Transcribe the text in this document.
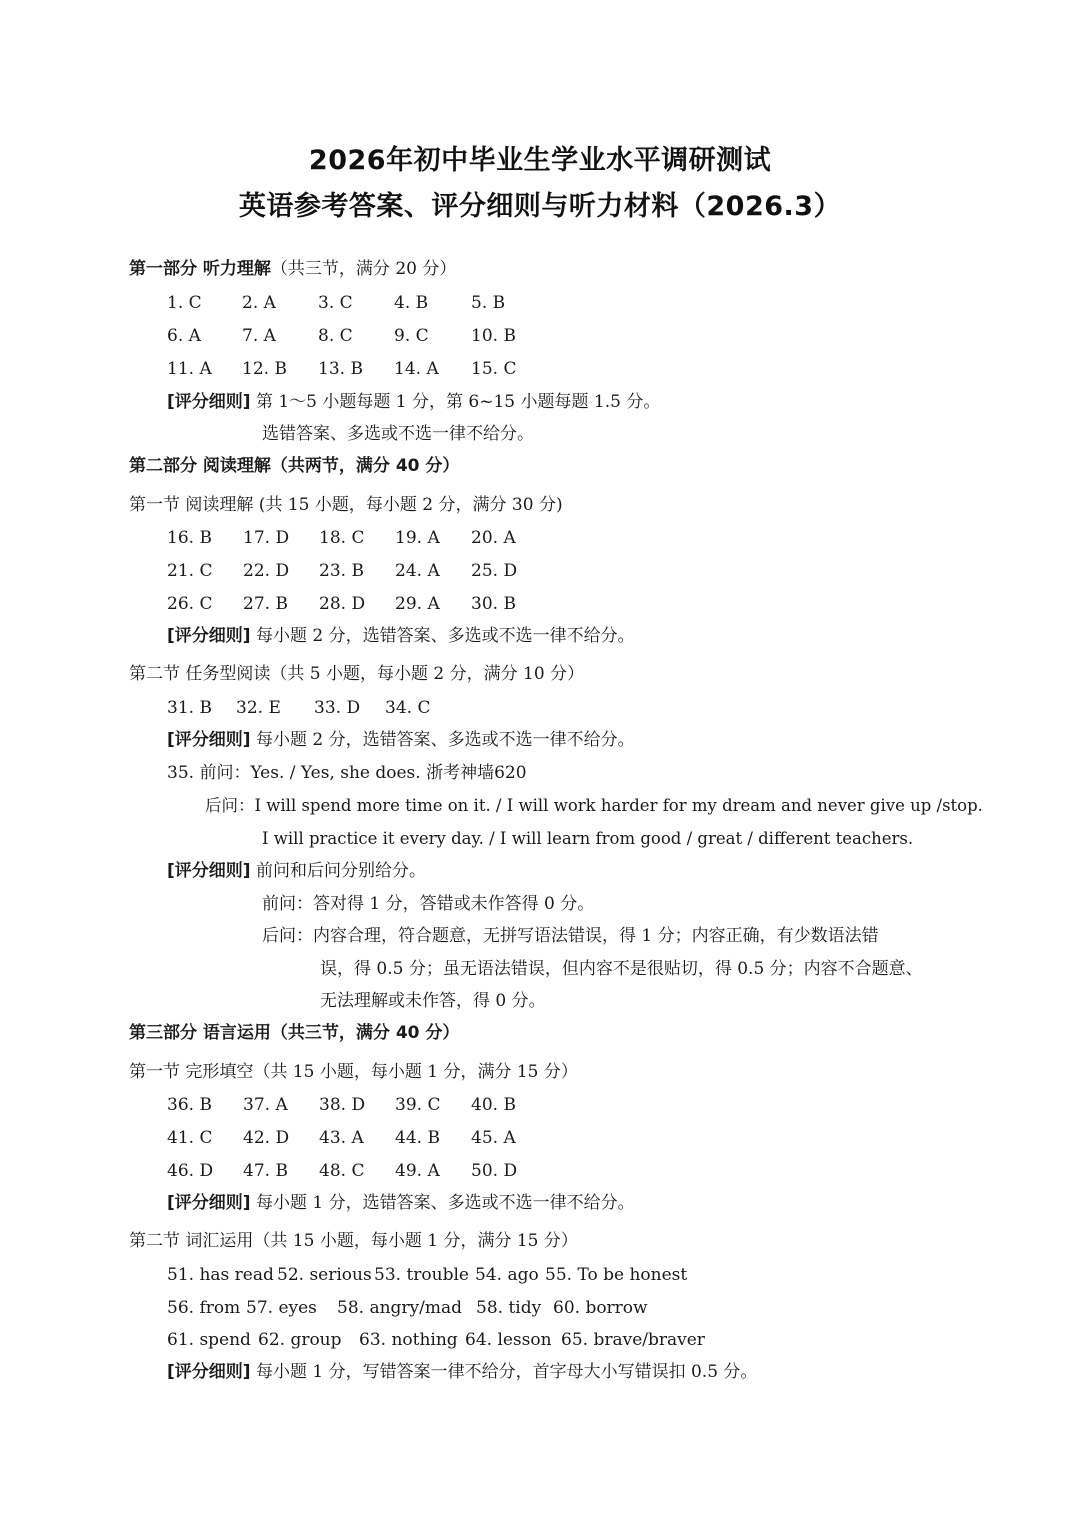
2026年初中毕业生学业水平调研测试
英语参考答案、评分细则与听力材料（2026.3）
第一部分 听力理解（共三节，满分 20 分）
1. C 2. A 3. C 4. B	5. B
6. A 7. A 8. C 9. C 10. B
11. A 12. B 13. B 14. A 15. C
[评分细则] 第 1～5 小题每题 1 分，第 6~15 小题每题 1.5 分。
选错答案、多选或不选一律不给分。
第二部分 阅读理解（共两节，满分 40 分）
第一节 阅读理解 (共 15 小题，每小题 2 分，满分 30 分)
16. B 17. D 18. C 19. A 20. A
21. C 22. D 23. B 24. A 25. D
26. C 27. B 28. D 29. A 30. B
[评分细则] 每小题 2 分，选错答案、多选或不选一律不给分。
第二节 任务型阅读（共 5 小题，每小题 2 分，满分 10 分）
31. B 32. E 33. D 34. C
[评分细则] 每小题 2 分，选错答案、多选或不选一律不给分。
35. 前问：Yes. / Yes, she does. 浙考神墙620
后问：I will spend more time on it. / I will work harder for my dream and never give up /stop.
I will practice it every day. / I will learn from good / great / different teachers.
[评分细则] 前问和后问分别给分。
前问：答对得 1 分，答错或未作答得 0 分。
后问：内容合理，符合题意，无拼写语法错误，得 1 分；内容正确，有少数语法错
误，得 0.5 分；虽无语法错误，但内容不是很贴切，得 0.5 分；内容不合题意、
无法理解或未作答，得 0 分。
第三部分 语言运用（共三节，满分 40 分）
第一节 完形填空（共 15 小题，每小题 1 分，满分 15 分）
36. B 37. A 38. D 39. C 40. B
41. C 42. D 43. A 44. B 45. A
46. D 47. B 48. C 49. A 50. D
[评分细则] 每小题 1 分，选错答案、多选或不选一律不给分。
第二节 词汇运用（共 15 小题，每小题 1 分，满分 15 分）
51. has read 52. serious 53. trouble 54. ago 55. To be honest
56. from 57. eyes 58. angry/mad 58. tidy 60. borrow
61. spend 62. group 63. nothing 64. lesson 65. brave/braver
[评分细则] 每小题 1 分，写错答案一律不给分，首字母大小写错误扣 0.5 分。
